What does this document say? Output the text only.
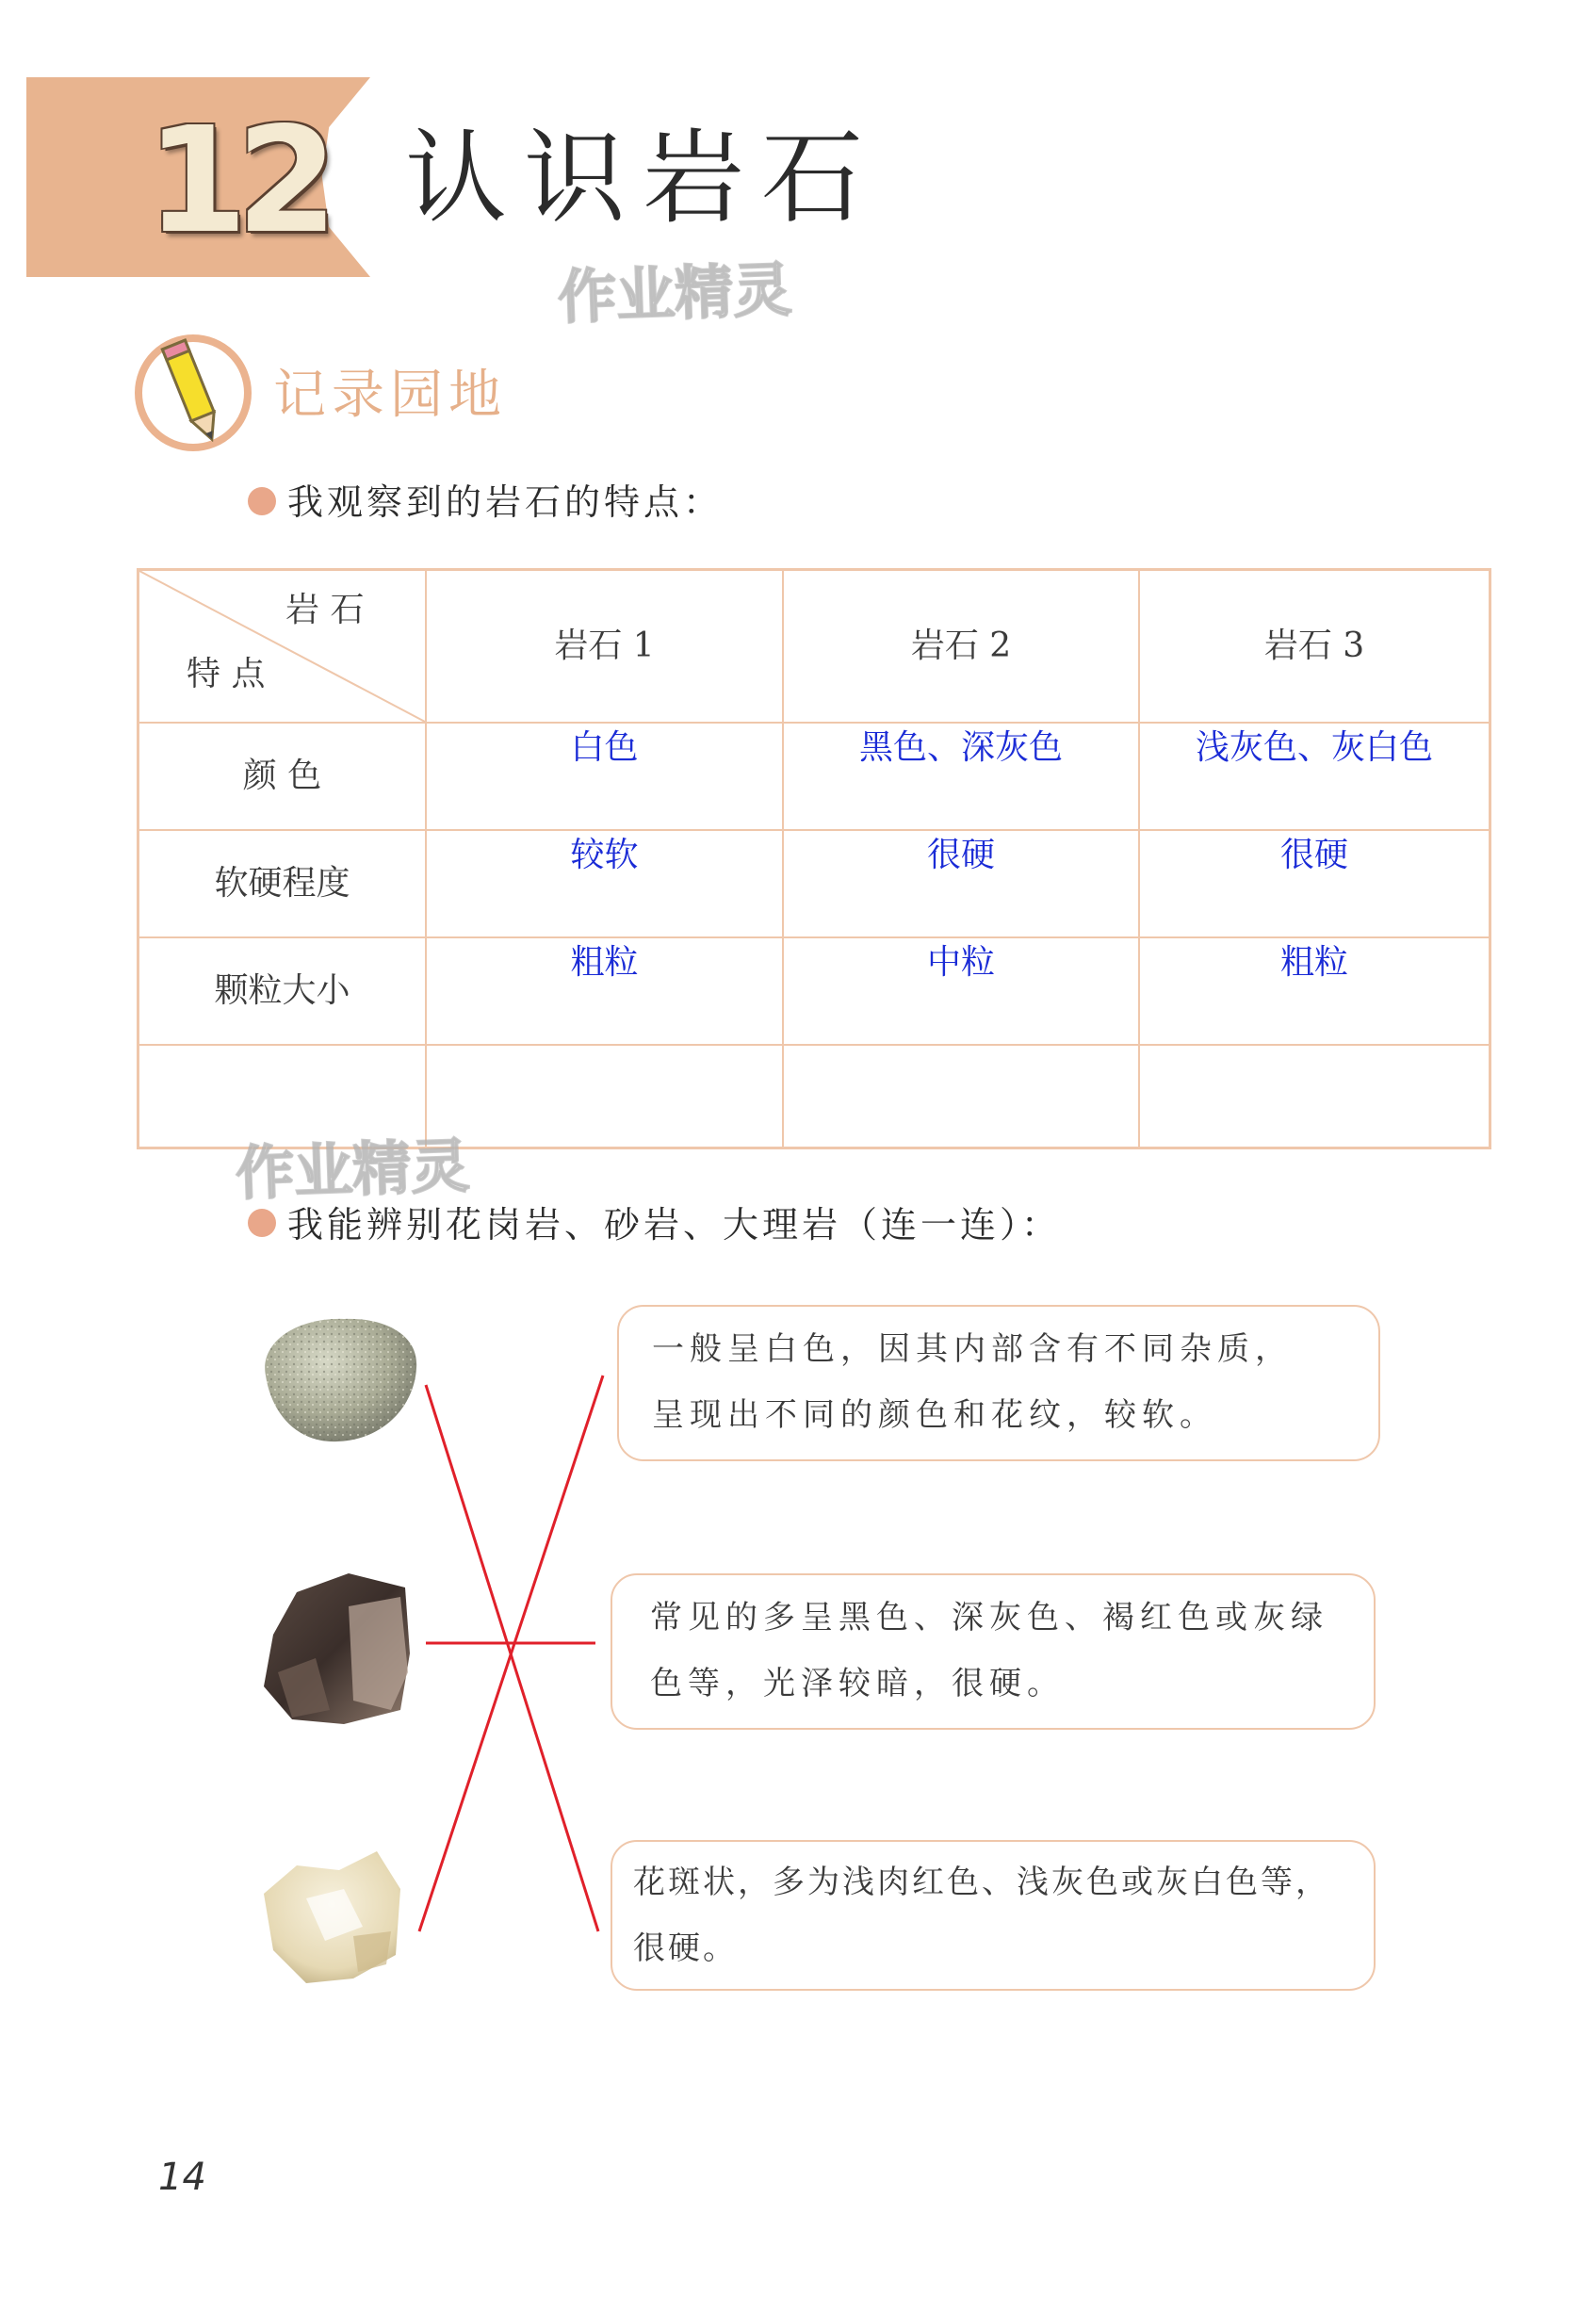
12 认识岩石
作业精灵
记录园地
我观察到的岩石的特点：
岩 石
特 点
岩石 1	岩石 2	岩石 3
颜 色
白色	黑色、深灰色	浅灰色、灰白色
软硬程度
较软	很硬	很硬
颗粒大小
粗粒	中粒	粗粒
作业精灵
我能辨别花岗岩、砂岩、大理岩（连一连）：
一般呈白色，因其内部含有不同杂质，
呈现出不同的颜色和花纹，较软。
常见的多呈黑色、深灰色、褐红色或灰绿
色等，光泽较暗，很硬。
花斑状，多为浅肉红色、浅灰色或灰白色等，
很硬。
14
